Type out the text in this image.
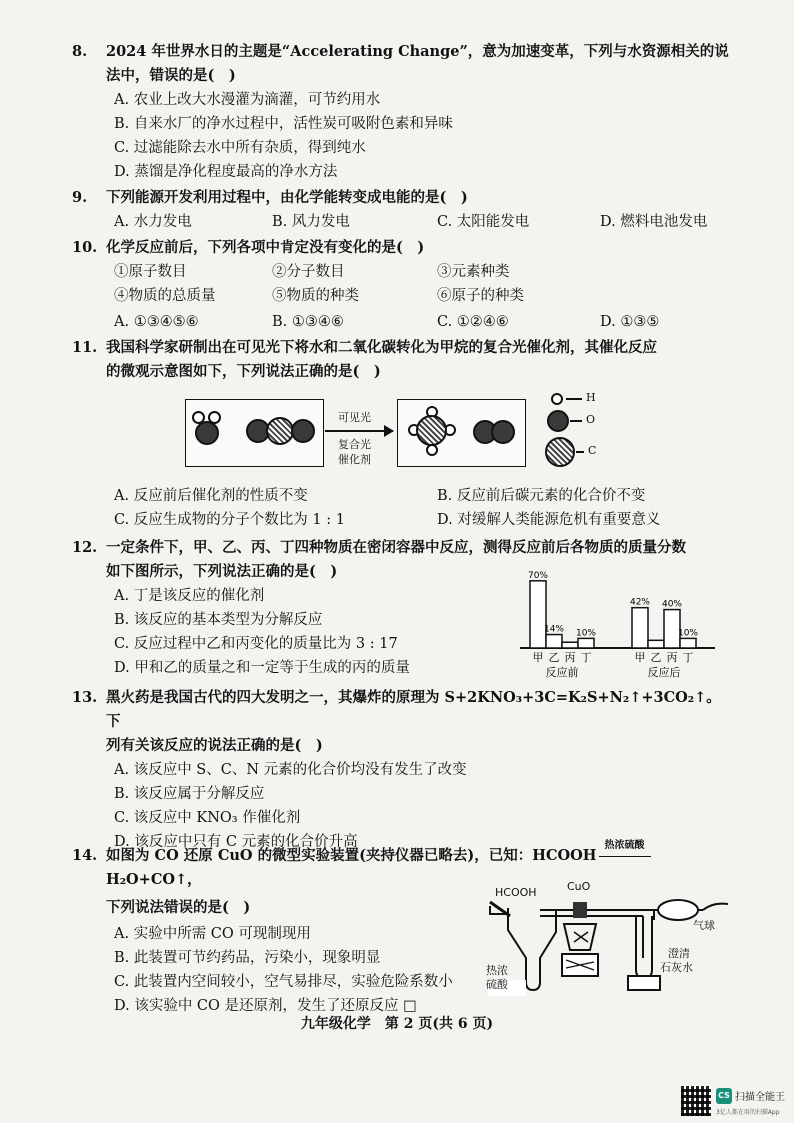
8. 2024 年世界水日的主题是“Accelerating Change”，意为加速变革，下列与水资源相关的说
法中，错误的是(　)
A. 农业上改大水漫灌为滴灌，可节约用水
B. 自来水厂的净水过程中，活性炭可吸附色素和异味
C. 过滤能除去水中所有杂质，得到纯水
D. 蒸馏是净化程度最高的净水方法
9. 下列能源开发利用过程中，由化学能转变成电能的是(　)
A. 水力发电	B. 风力发电	C. 太阳能发电	D. 燃料电池发电
10. 化学反应前后，下列各项中肯定没有变化的是(　)
①原子数目	②分子数目	③元素种类
④物质的总质量	⑤物质的种类	⑥原子的种类
A. ①③④⑤⑥	B. ①③④⑥	C. ①②④⑥	D. ①③⑤
11. 我国科学家研制出在可见光下将水和二氧化碳转化为甲烷的复合光催化剂，其催化反应
的微观示意图如下，下列说法正确的是(　)
可见光
复合光
催化剂
H
O
C
A. 反应前后催化剂的性质不变	B. 反应前后碳元素的化合价不变
C. 反应生成物的分子个数比为 1 : 1	D. 对缓解人类能源危机有重要意义
12. 一定条件下，甲、乙、丙、丁四种物质在密闭容器中反应，测得反应前后各物质的质量分数
如下图所示，下列说法正确的是(　)
A. 丁是该反应的催化剂
B. 该反应的基本类型为分解反应
C. 反应过程中乙和丙变化的质量比为 3 : 17
D. 甲和乙的质量之和一定等于生成的丙的质量
70%
甲
14%
乙 丙
10%
丁
反应前
42%
甲 乙
40%
丙
10%
丁
反应后
13. 黑火药是我国古代的四大发明之一，其爆炸的原理为 S+2KNO₃+3C=K₂S+N₂↑+3CO₂↑。下
列有关该反应的说法正确的是(　)
A. 该反应中 S、C、N 元素的化合价均没有发生了改变
B. 该反应属于分解反应
C. 该反应中 KNO₃ 作催化剂
D. 该反应中只有 C 元素的化合价升高
14. 如图为 CO 还原 CuO 的微型实验装置(夹持仪器已略去)，已知：HCOOH
热浓硫酸
H₂O+CO↑，
下列说法错误的是(　)
A. 实验中所需 CO 可现制现用
B. 此装置可节约药品，污染小，现象明显
C. 此装置内空间较小，空气易排尽，实验危险系数小
D. 该实验中 CO 是还原剂，发生了还原反应 □
HCOOH	CuO
气球
热浓
硫酸
澄清
石灰水
九年级化学　第 2 页(共 6 页)
CS 扫描全能王
3亿人都在用的扫描App
